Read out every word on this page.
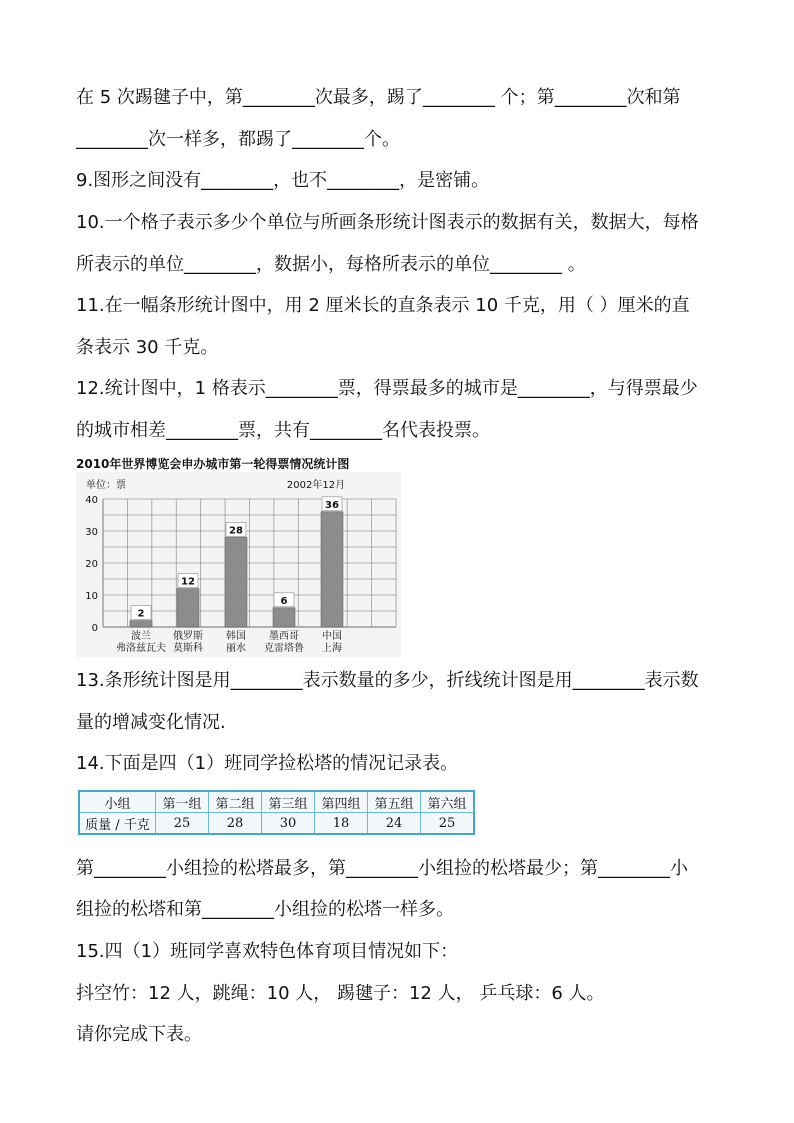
在 5 次踢毽子中，第________次最多，踢了________ 个；第________次和第
________次一样多，都踢了________个。
9.图形之间没有________，也不________，是密铺。
10.一个格子表示多少个单位与所画条形统计图表示的数据有关，数据大，每格
所表示的单位________，数据小，每格所表示的单位________ 。
11.在一幅条形统计图中，用 2 厘米长的直条表示 10 千克，用（ ）厘米的直
条表示 30 千克。
12.统计图中，1 格表示________票，得票最多的城市是________，与得票最少
的城市相差________票，共有________名代表投票。
2010年世界博览会申办城市第一轮得票情况统计图
0
10
20
30
40
单位：票	2002年12月
2
波兰
弗洛兹瓦夫
12
俄罗斯
莫斯科
28
韩国
丽水
6
墨西哥
克雷塔鲁
36
中国
上海
13.条形统计图是用________表示数量的多少，折线统计图是用________表示数
量的增减变化情况.
14.下面是四（1）班同学捡松塔的情况记录表。
小组	第一组	第二组	第三组	第四组	第五组	第六组
质量 / 千克	25	28	30	18	24	25
第________小组捡的松塔最多，第________小组捡的松塔最少；第________小
组捡的松塔和第________小组捡的松塔一样多。
15.四（1）班同学喜欢特色体育项目情况如下：
抖空竹：12 人，跳绳：10 人， 踢毽子：12 人， 乒乓球：6 人。
请你完成下表。
